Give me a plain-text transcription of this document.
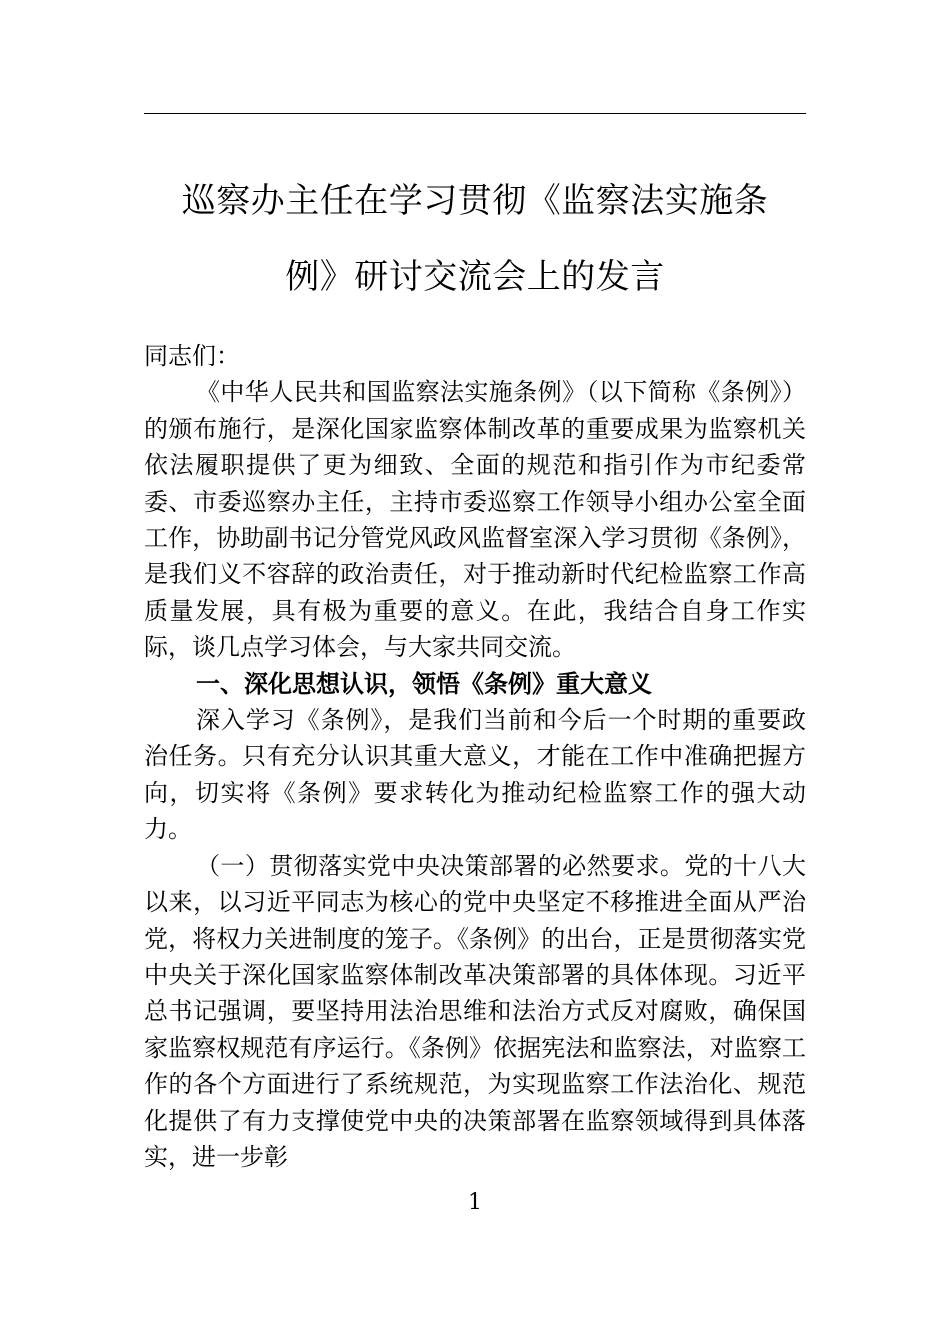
巡察办主任在学习贯彻《监察法实施条
例》研讨交流会上的发言

同志们：

《中华人民共和国监察法实施条例》（以下简称《条例》）的颁布施行，是深化国家监察体制改革的重要成果为监察机关依法履职提供了更为细致、全面的规范和指引作为市纪委常委、市委巡察办主任，主持市委巡察工作领导小组办公室全面工作，协助副书记分管党风政风监督室深入学习贯彻《条例》，是我们义不容辞的政治责任，对于推动新时代纪检监察工作高质量发展，具有极为重要的意义。在此，我结合自身工作实际，谈几点学习体会，与大家共同交流。

一、深化思想认识，领悟《条例》重大意义

深入学习《条例》，是我们当前和今后一个时期的重要政治任务。只有充分认识其重大意义，才能在工作中准确把握方向，切实将《条例》要求转化为推动纪检监察工作的强大动力。

（一）贯彻落实党中央决策部署的必然要求。党的十八大以来，以习近平同志为核心的党中央坚定不移推进全面从严治党，将权力关进制度的笼子。《条例》的出台，正是贯彻落实党中央关于深化国家监察体制改革决策部署的具体体现。习近平总书记强调，要坚持用法治思维和法治方式反对腐败，确保国家监察权规范有序运行。《条例》依据宪法和监察法，对监察工作的各个方面进行了系统规范，为实现监察工作法治化、规范化提供了有力支撑使党中央的决策部署在监察领域得到具体落实，进一步彰

1
